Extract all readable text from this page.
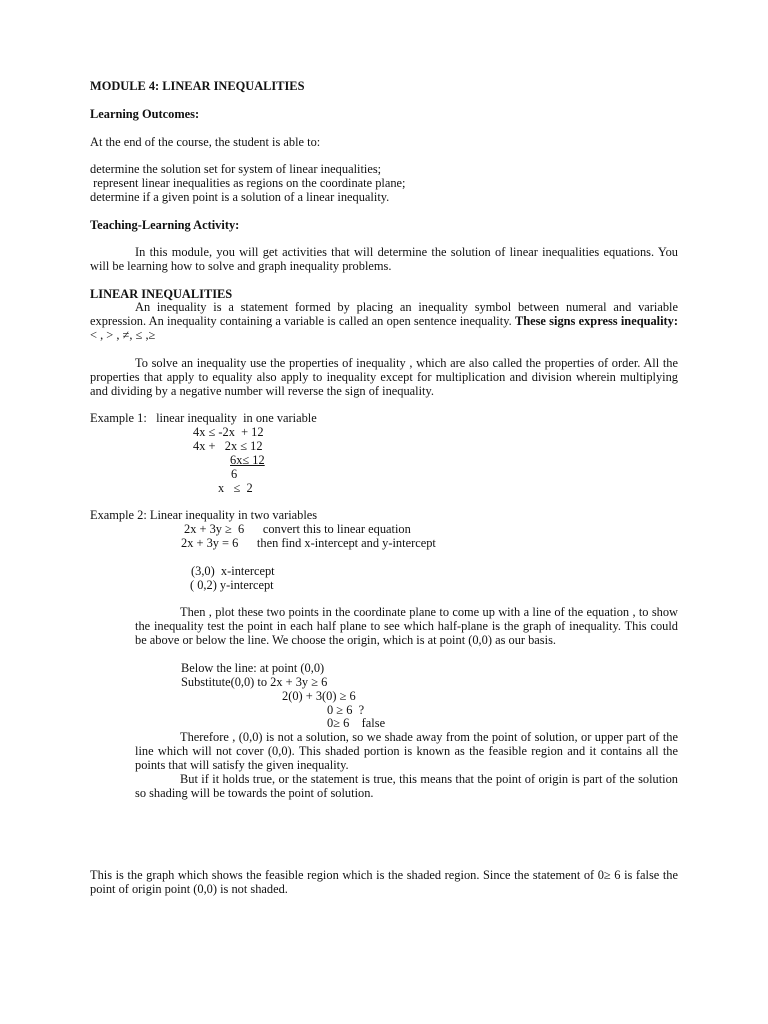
MODULE 4: LINEAR INEQUALITIES
Learning Outcomes:
At the end of the course, the student is able to:
determine the solution set for system of linear inequalities;
represent linear inequalities as regions on the coordinate plane;
determine if a given point is a solution of a linear inequality.
Teaching-Learning Activity:
In this module, you will get activities that will determine the solution of linear inequalities equations. You will be learning how to solve and graph inequality problems.
LINEAR INEQUALITIES
An inequality is a statement formed by placing an inequality symbol between numeral and variable expression. An inequality containing a variable is called an open sentence inequality. These signs express inequality: < , > , ≠, ≤ ,≥
To solve an inequality use the properties of inequality , which are also called the properties of order. All the properties that apply to equality also apply to inequality except for multiplication and division wherein multiplying and dividing by a negative number will reverse the sign of inequality.
Example 1:   linear inequality  in one variable
4x ≤ -2x  + 12
4x +   2x ≤ 12
6x≤ 12
6
x   ≤  2
Example 2: Linear inequality in two variables
2x + 3y ≥  6      convert this to linear equation
2x + 3y = 6      then find x-intercept and y-intercept
(3,0)  x-intercept
( 0,2) y-intercept
Then , plot these two points in the coordinate plane to come up with a line of the equation , to show the inequality test the point in each half plane to see which half-plane is the graph of inequality. This could be above or below the line. We choose the origin, which is at point (0,0) as our basis.
Below the line: at point (0,0)
Substitute(0,0) to 2x + 3y ≥ 6
2(0) + 3(0) ≥ 6
0 ≥ 6  ?
0≥ 6    false
Therefore , (0,0) is not a solution, so we shade away from the point of solution, or upper part of the line which will not cover (0,0). This shaded portion is known as the feasible region and it contains all the points that will satisfy the given inequality.
But if it holds true, or the statement is true, this means that the point of origin is part of the solution so shading will be towards the point of solution.
This is the graph which shows the feasible region which is the shaded region. Since the statement of 0≥ 6 is false the point of origin point (0,0) is not shaded.
